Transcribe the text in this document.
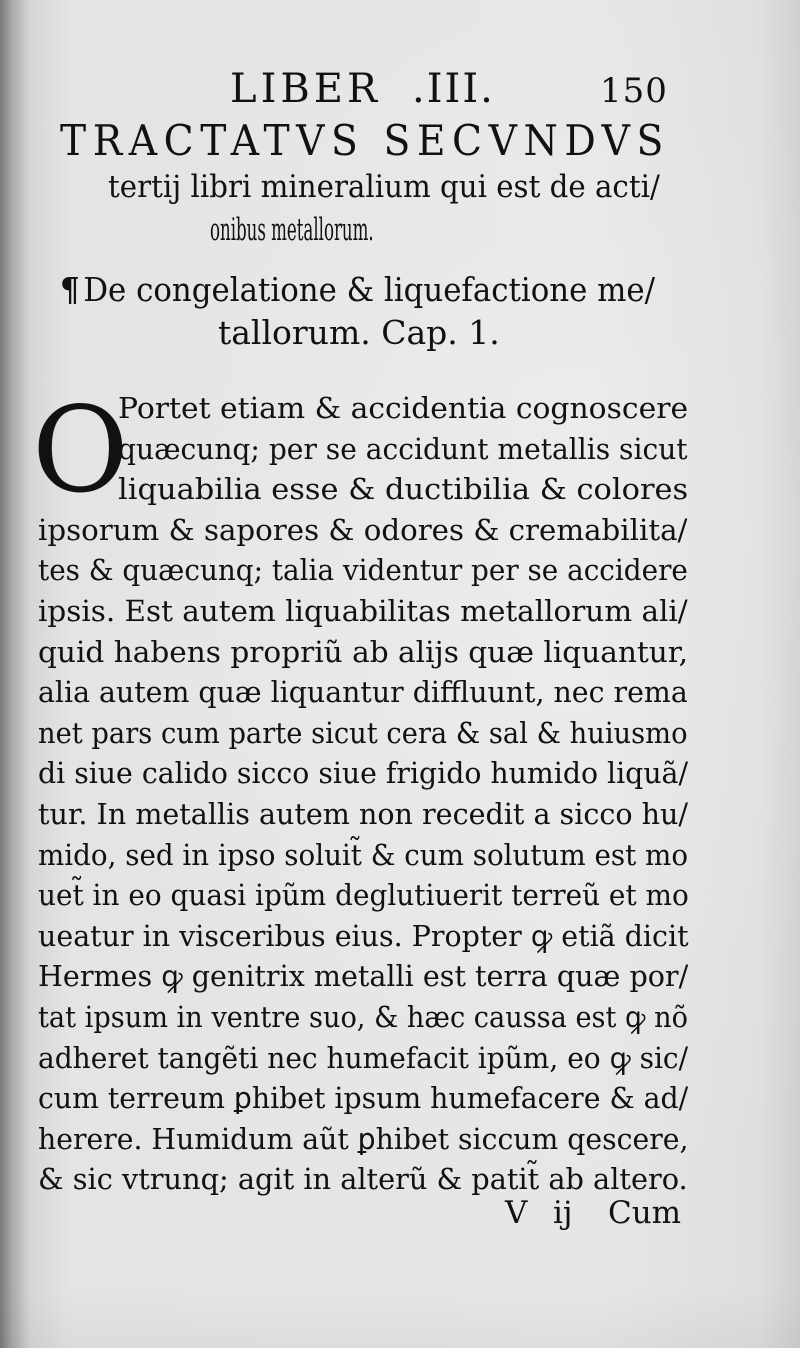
LIBER .III.	150
TRACTATVS SECVNDVS
tertij libri mineralium qui est de acti/
onibus metallorum.
¶ De congelatione & liquefactione me/
tallorum. Cap. 1.
O
Portet etiam & accidentia cognoscere
quæcunq; per se accidunt metallis sicut
liquabilia esse & ductibilia & colores
ipsorum & sapores & odores & cremabilita/
tes & quæcunq; talia videntur per se accidere
ipsis. Est autem liquabilitas metallorum ali/
quid habens propriũ ab alijs quæ liquantur,
alia autem quæ liquantur diffluunt, nec rema
net pars cum parte sicut cera & sal & huiusmo
di siue calido sicco siue frigido humido liquã/
tur. In metallis autem non recedit a sicco hu/
mido, sed in ipso soluit̃ & cum solutum est mo
uet̃ in eo quasi ipũm deglutiuerit terreũ et mo
ueatur in visceribus eius. Propter ꝙ etiã dicit
Hermes ꝙ genitrix metalli est terra quæ por/
tat ipsum in ventre suo, & hæc caussa est ꝙ nõ
adheret tangẽti nec humefacit ipũm, eo ꝙ sic/
cum terreum ꝑhibet ipsum humefacere & ad/
herere. Humidum aũt ꝑhibet siccum qescere,
& sic vtrunq; agit in alterũ & patit̃ ab altero.
V ij Cum
